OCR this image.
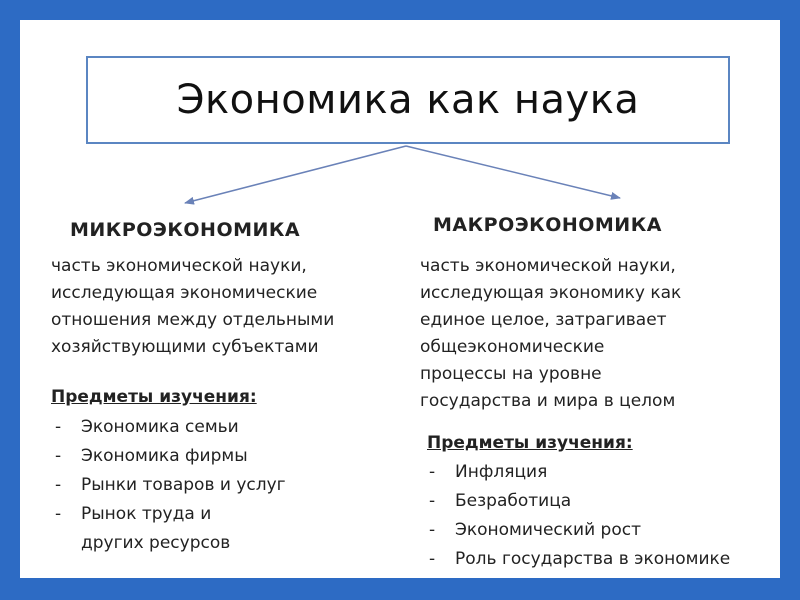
Экономика как наука
МИКРОЭКОНОМИКА
часть экономической науки,
исследующая экономические
отношения между отдельными
хозяйствующими субъектами
Предметы изучения:
- Экономика семьи
- Экономика фирмы
- Рынки товаров и услуг
- Рынок труда и
других ресурсов
МАКРОЭКОНОМИКА
часть экономической науки,
исследующая экономику как
единое целое, затрагивает
общеэкономические
процессы на уровне
государства и мира в целом
Предметы изучения:
- Инфляция
- Безработица
- Экономический рост
- Роль государства в экономике
